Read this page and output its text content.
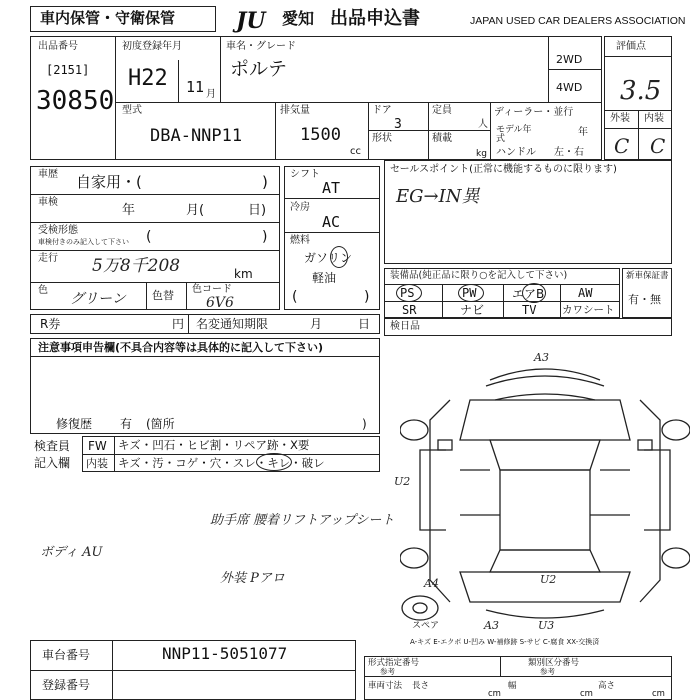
車内保管・守衛保管	JU	愛知 出品申込書	JAPAN USED CAR DEALERS ASSOCIATION
出品番号
[2151]
30850
初度登録年月
H22 11 月
車名・グレード
ポルテ	2WD
4WD
評価点
3.5
外装 内装
C C
型式
DBA-NNP11
排気量
1500
cc
ドア
3
形状
定員
人
積載
kg
ディーラー・並行
モデル年式
年
ハンドル 左・右
車歴 自家用・(	)
車検
年	月(	日)
受検形態
車検付きのみ記入して下さい (	)
走行 5万8千208	km
色
グリーン 色替 色コード
6V6
シフト
AT
冷房
AC
燃料
ガソリン
軽油
(	)
セールスポイント(正常に機能するものに限ります)
EG→IN異
装備品(純正品に限り○を記入して下さい)
PS	PW	エアB	AW
SR	ナビ	TV カワシート
新車保証書
有・無
R券	円 名変通知期限	月	日 検日品
注意事項申告欄(不具合内容等は具体的に記入して下さい)
修復歴 有 (箇所	)
検査員
記入欄
FW キズ・凹石・ヒビ割・リペア跡・X要
内装 キズ・汚・コゲ・穴・スレ・キレ・破レ
助手席 腰着リフトアップシート
ボディ AU
外装 Pアロ
A3
U2
A4	U2
A3	U3
スペア
A-キズ E-エクボ U-凹み W-補修跡 S-サビ C-腐食 XX-交換済
車台番号	NNP11-5051077
登録番号
形式指定番号
参考
類別区分番号
参考
車両寸法 長さ
cm
幅
cm
高さ
cm
